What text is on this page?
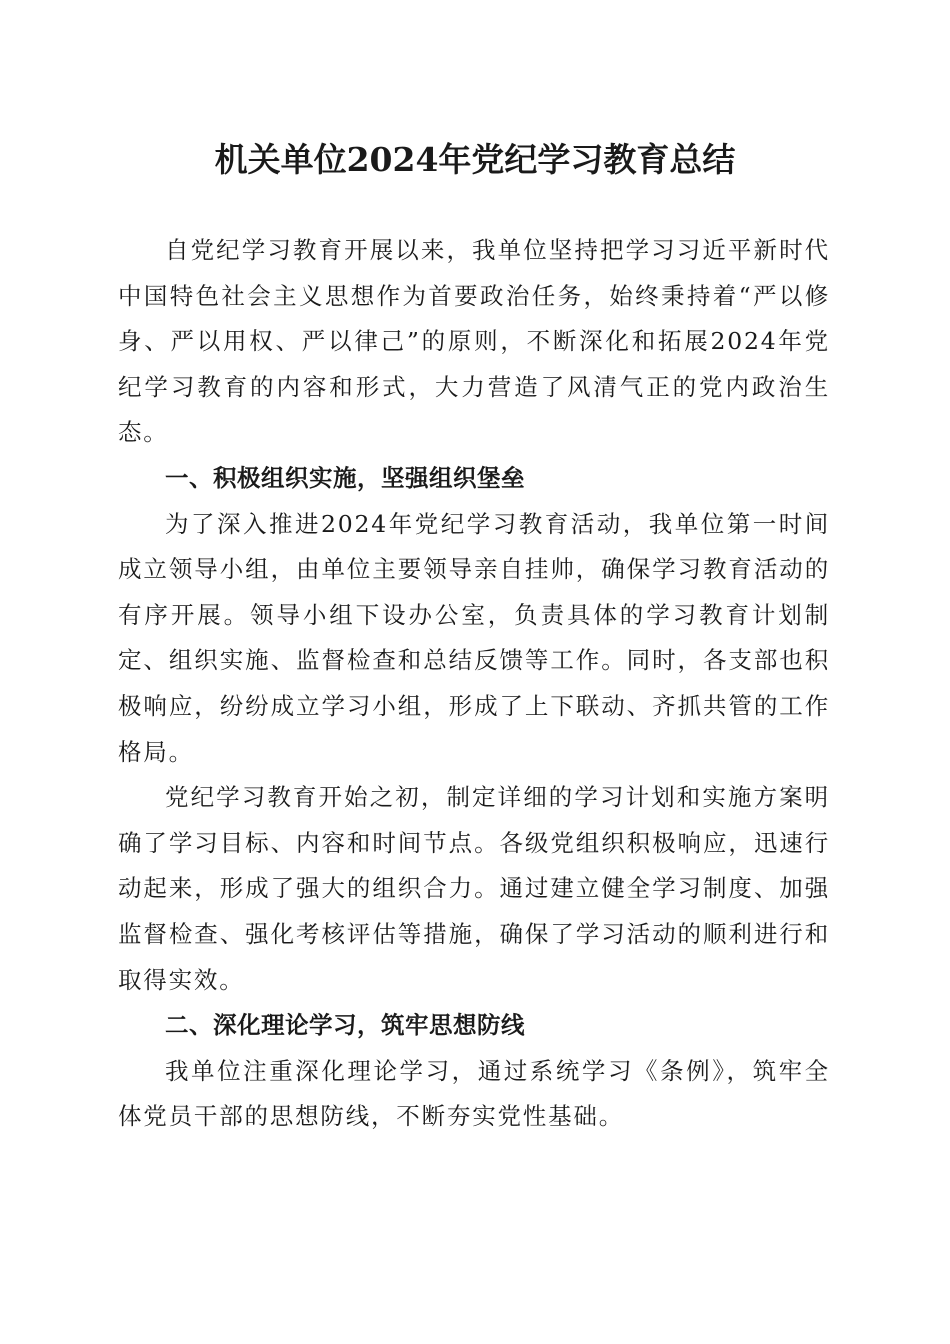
机关单位2024年党纪学习教育总结

自党纪学习教育开展以来，我单位坚持把学习习近平新时代中国特色社会主义思想作为首要政治任务，始终秉持着“严以修身、严以用权、严以律己”的原则，不断深化和拓展2024年党纪学习教育的内容和形式，大力营造了风清气正的党内政治生态。

一、积极组织实施，坚强组织堡垒

为了深入推进2024年党纪学习教育活动，我单位第一时间成立领导小组，由单位主要领导亲自挂帅，确保学习教育活动的有序开展。领导小组下设办公室，负责具体的学习教育计划制定、组织实施、监督检查和总结反馈等工作。同时，各支部也积极响应，纷纷成立学习小组，形成了上下联动、齐抓共管的工作格局。

党纪学习教育开始之初，制定详细的学习计划和实施方案明确了学习目标、内容和时间节点。各级党组织积极响应，迅速行动起来，形成了强大的组织合力。通过建立健全学习制度、加强监督检查、强化考核评估等措施，确保了学习活动的顺利进行和取得实效。

二、深化理论学习，筑牢思想防线

我单位注重深化理论学习，通过系统学习《条例》，筑牢全体党员干部的思想防线，不断夯实党性基础。
